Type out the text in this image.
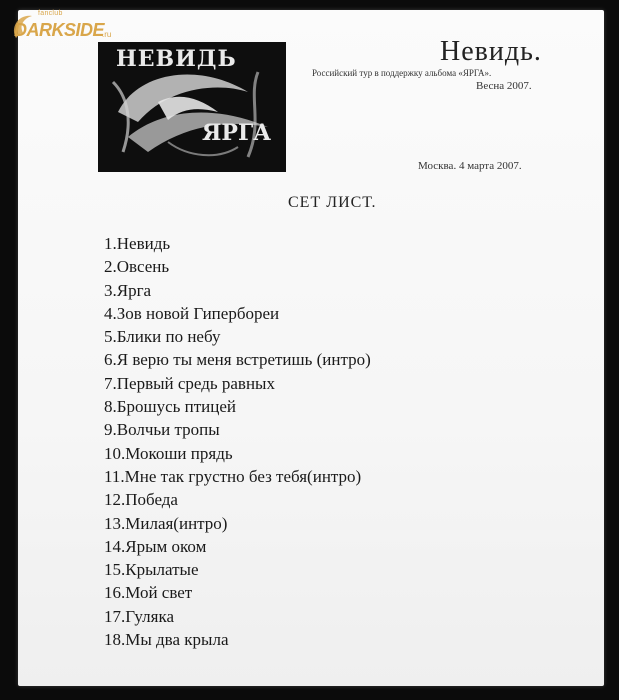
fanclub
DARKSIDE
.ru
НЕВИДЬ
ЯРГА
Невидь.
Российский тур в поддержку альбома «ЯРГА».
Весна 2007.
Москва. 4 марта 2007.
СЕТ ЛИСТ.
1.Невидь
2.Овсень
3.Ярга
4.Зов новой Гипербореи
5.Блики по небу
6.Я верю ты меня встретишь (интро)
7.Первый средь равных
8.Брошусь птицей
9.Волчьи тропы
10.Мокоши прядь
11.Мне так грустно без тебя(интро)
12.Победа
13.Милая(интро)
14.Ярым оком
15.Крылатые
16.Мой свет
17.Гуляка
18.Мы два крыла
